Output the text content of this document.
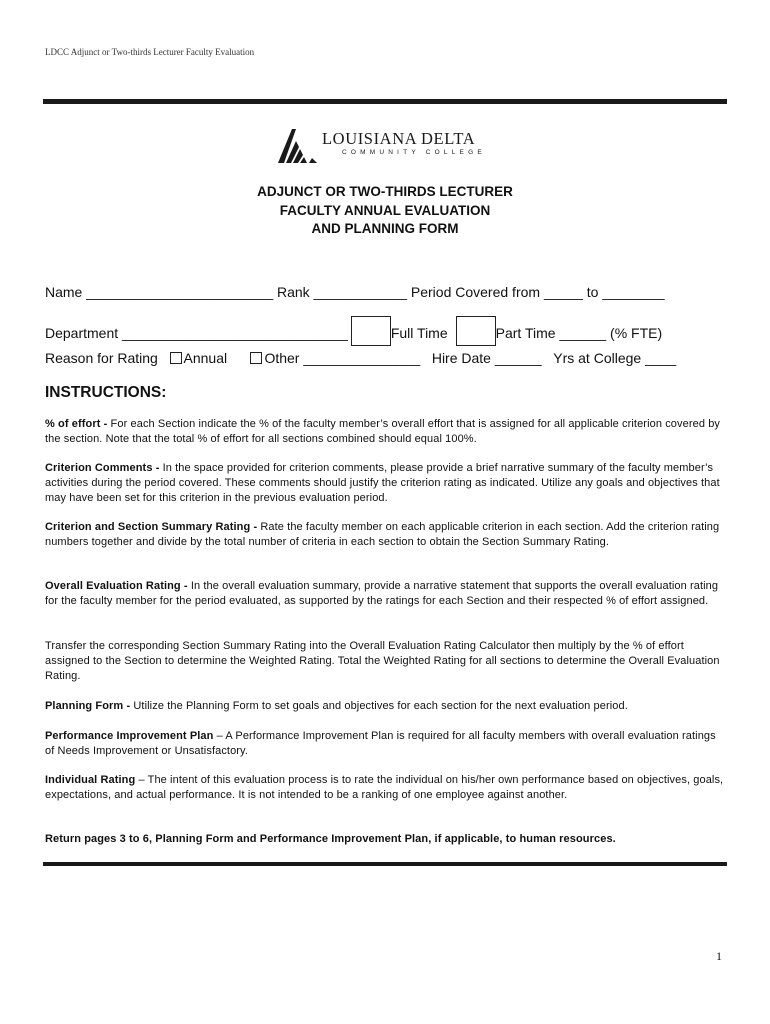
LDCC Adjunct or Two-thirds Lecturer Faculty Evaluation
LOUISIANA DELTA
COMMUNITY COLLEGE
ADJUNCT OR TWO-THIRDS LECTURER
FACULTY ANNUAL EVALUATION
AND PLANNING FORM
Name ________________________ Rank ____________ Period Covered from _____ to ________
Department _____________________________	Full Time	Part Time ______ (% FTE)
Reason for Rating Annual	Other _______________ Hire Date ______ Yrs at College ____
INSTRUCTIONS:
% of effort - For each Section indicate the % of the faculty member’s overall effort that is assigned for all applicable criterion covered by the section. Note that the total % of effort for all sections combined should equal 100%.
Criterion Comments - In the space provided for criterion comments, please provide a brief narrative summary of the faculty member’s activities during the period covered. These comments should justify the criterion rating as indicated. Utilize any goals and objectives that may have been set for this criterion in the previous evaluation period.
Criterion and Section Summary Rating - Rate the faculty member on each applicable criterion in each section. Add the criterion rating numbers together and divide by the total number of criteria in each section to obtain the Section Summary Rating.
Overall Evaluation Rating - In the overall evaluation summary, provide a narrative statement that supports the overall evaluation rating for the faculty member for the period evaluated, as supported by the ratings for each Section and their respected % of effort assigned.
Transfer the corresponding Section Summary Rating into the Overall Evaluation Rating Calculator then multiply by the % of effort assigned to the Section to determine the Weighted Rating. Total the Weighted Rating for all sections to determine the Overall Evaluation Rating.
Planning Form - Utilize the Planning Form to set goals and objectives for each section for the next evaluation period.
Performance Improvement Plan – A Performance Improvement Plan is required for all faculty members with overall evaluation ratings of Needs Improvement or Unsatisfactory.
Individual Rating – The intent of this evaluation process is to rate the individual on his/her own performance based on objectives, goals, expectations, and actual performance. It is not intended to be a ranking of one employee against another.
Return pages 3 to 6, Planning Form and Performance Improvement Plan, if applicable, to human resources.
1
